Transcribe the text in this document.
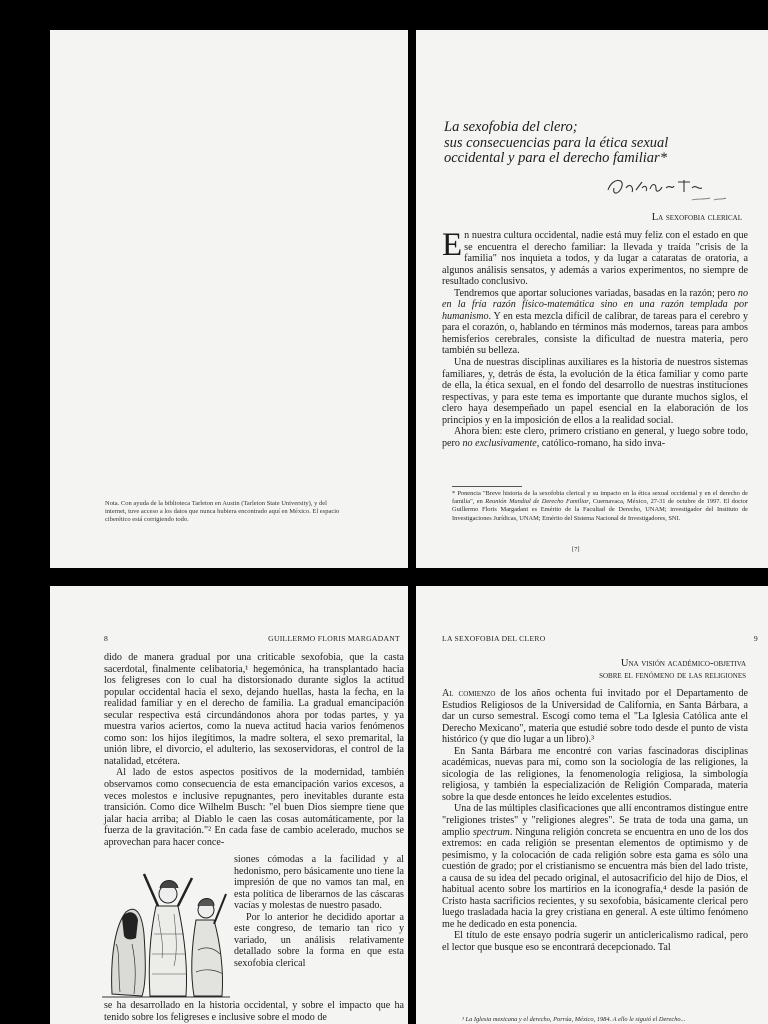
Nota. Con ayuda de la biblioteca Tarleton en Austin (Tarleton State University), y del internet, tuve acceso a los datos que nunca hubiera encontrado aquí en México. El espacio ciberético está corrigiendo todo.
La sexofobia del clero;
sus consecuencias para la ética sexual
occidental y para el derecho familiar*
La sexofobia clerical
En nuestra cultura occidental, nadie está muy feliz con el estado en que se encuentra el derecho familiar: la llevada y traída "crisis de la familia" nos inquieta a todos, y da lugar a cataratas de oratoria, a algunos análisis sensatos, y además a varios experimentos, no siempre de resultado conclusivo.
Tendremos que aportar soluciones variadas, basadas en la razón; pero no en la fría razón físico-matemática sino en una razón templada por humanismo. Y en esta mezcla difícil de calibrar, de tareas para el cerebro y para el corazón, o, hablando en términos más modernos, tareas para ambos hemisferios cerebrales, consiste la dificultad de nuestra materia, pero también su belleza.
Una de nuestras disciplinas auxiliares es la historia de nuestros sistemas familiares, y, detrás de ésta, la evolución de la ética familiar y como parte de ella, la ética sexual, en el fondo del desarrollo de nuestras instituciones respectivas, y para este tema es importante que durante muchos siglos, el clero haya desempeñado un papel esencial en la elaboración de los principios y en la imposición de ellos a la realidad social.
Ahora bien: este clero, primero cristiano en general, y luego sobre todo, pero no exclusivamente, católico-romano, ha sido inva-
* Ponencia "Breve historia de la sexofobia clerical y su impacto en la ética sexual occidental y en el derecho de familia", en Reunión Mundial de Derecho Familiar, Cuernavaca, México, 27-31 de octubre de 1997. El doctor Guillermo Floris Margadant es Emérito de la Facultad de Derecho, UNAM; investigador del Instituto de Investigaciones Jurídicas, UNAM; Emérito del Sistema Nacional de Investigadores, SNI.
[7]
8	GUILLERMO FLORIS MARGADANT
dido de manera gradual por una criticable sexofobia, que la casta sacerdotal, finalmente celibatoria,¹ hegemónica, ha transplantado hacia los feligreses con lo cual ha distorsionado durante siglos la actitud popular occidental hacia el sexo, dejando huellas, hasta la fecha, en la realidad familiar y en el derecho de familia. La gradual emancipación secular respectiva está circundándonos ahora por todas partes, y ya muestra varios aciertos, como la nueva actitud hacia varios fenómenos como son: los hijos ilegítimos, la madre soltera, el sexo premarital, la unión libre, el divorcio, el adulterio, las sexoservidoras, el control de la natalidad, etcétera.
Al lado de estos aspectos positivos de la modernidad, también observamos como consecuencia de esta emancipación varios excesos, a veces molestos e inclusive repugnantes, pero inevitables durante esta transición. Como dice Wilhelm Busch: "el buen Dios siempre tiene que jalar hacia arriba; al Diablo le caen las cosas automáticamente, por la fuerza de la gravitación."² En cada fase de cambio acelerado, muchos se aprovechan para hacer conce-
siones cómodas a la facilidad y al hedonismo, pero básicamente uno tiene la impresión de que no vamos tan mal, en esta política de liberarnos de las cáscaras vacías y molestas de nuestro pasado.
Por lo anterior he decidido aportar a este congreso, de temario tan rico y variado, un análisis relativamente detallado sobre la forma en que esta sexofobia clerical
se ha desarrollado en la historia occidental, y sobre el impacto que ha tenido sobre los feligreses e inclusive sobre el modo de
LA SEXOFOBIA DEL CLERO	9
Una visión académico-objetiva
sobre el fenómeno de las religiones
Al comienzo de los años ochenta fui invitado por el Departamento de Estudios Religiosos de la Universidad de California, en Santa Bárbara, a dar un curso semestral. Escogí como tema el "La Iglesia Católica ante el Derecho Mexicano", materia que estudié sobre todo desde el punto de vista histórico (y que dio lugar a un libro).³
En Santa Bárbara me encontré con varias fascinadoras disciplinas académicas, nuevas para mí, como son la sociología de las religiones, la sicología de las religiones, la fenomenología religiosa, la simbología religiosa, y también la especialización de Religión Comparada, materia sobre la que desde entonces he leído excelentes estudios.
Una de las múltiples clasificaciones que allí encontramos distingue entre "religiones tristes" y "religiones alegres". Se trata de toda una gama, un amplio spectrum. Ninguna religión concreta se encuentra en uno de los dos extremos: en cada religión se presentan elementos de optimismo y de pesimismo, y la colocación de cada religión sobre esta gama es sólo una cuestión de grado; por el cristianismo se encuentra más bien del lado triste, a causa de su idea del pecado original, el autosacrificio del hijo de Dios, el habitual acento sobre los martirios en la iconografía,⁴ desde la pasión de Cristo hasta sacrificios recientes, y su sexofobia, básicamente clerical pero luego trasladada hacia la grey cristiana en general. A este último fenómeno me he dedicado en esta ponencia.
El título de este ensayo podría sugerir un anticlericalismo radical, pero el lector que busque eso se encontrará decepcionado. Tal
³ La Iglesia mexicana y el derecho, Porrúa, México, 1984. A ello le siguió el Derecho...
